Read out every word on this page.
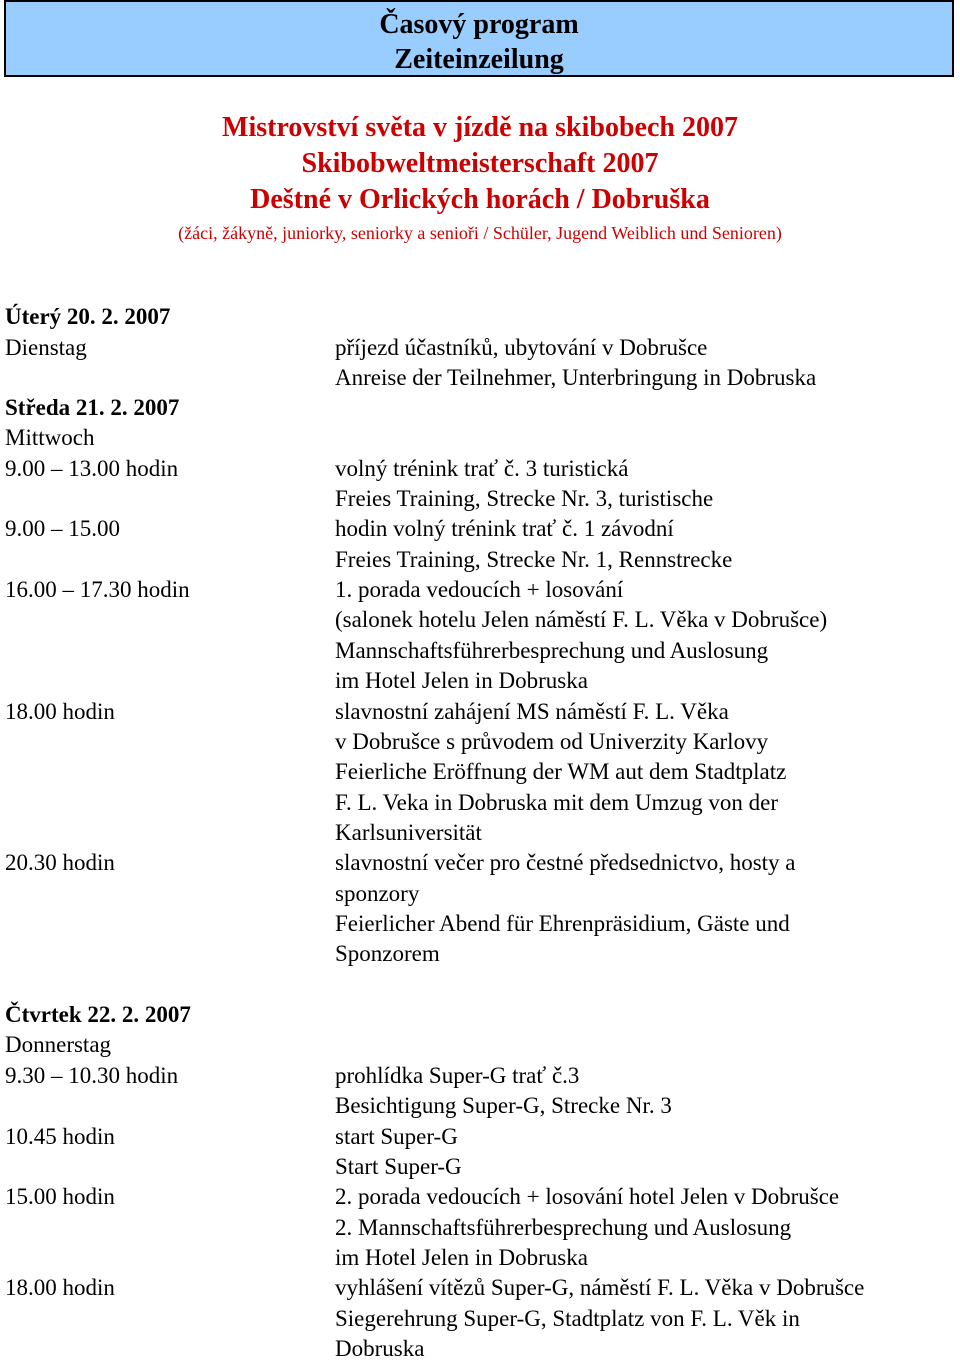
Časový program
Zeiteinzeilung
Mistrovství světa v jízdě na skibobech 2007
Skibobweltmeisterschaft 2007
Deštné v Orlických horách / Dobruška
(žáci, žákyně, juniorky, seniorky a senioři / Schüler, Jugend Weiblich und Senioren)
Úterý 20. 2. 2007
Dienstag	příjezd účastníků, ubytování v Dobrušce
Anreise der Teilnehmer, Unterbringung in Dobruska
Středa 21. 2. 2007
Mittwoch
9.00 – 13.00 hodin	volný trénink trať č. 3 turistická
Freies Training, Strecke Nr. 3, turistische
9.00 – 15.00	hodin volný trénink trať č. 1 závodní
Freies Training, Strecke Nr. 1, Rennstrecke
16.00 – 17.30 hodin	1. porada vedoucích + losování
(salonek hotelu Jelen náměstí F. L. Věka v Dobrušce)
Mannschaftsführerbesprechung und Auslosung
im Hotel Jelen in Dobruska
18.00 hodin	slavnostní zahájení MS náměstí F. L. Věka
v Dobrušce s průvodem od Univerzity Karlovy
Feierliche Eröffnung der WM aut dem Stadtplatz
F. L. Veka in Dobruska mit dem Umzug von der
Karlsuniversität
20.30 hodin	slavnostní večer pro čestné předsednictvo, hosty a
sponzory
Feierlicher Abend für Ehrenpräsidium, Gäste und
Sponzorem
Čtvrtek 22. 2. 2007
Donnerstag
9.30 – 10.30 hodin	prohlídka Super-G trať č.3
Besichtigung Super-G, Strecke Nr. 3
10.45 hodin	start Super-G
Start Super-G
15.00 hodin	2. porada vedoucích + losování hotel Jelen v Dobrušce
2. Mannschaftsführerbesprechung und Auslosung
im Hotel Jelen in Dobruska
18.00 hodin	vyhlášení vítězů Super-G, náměstí F. L. Věka v Dobrušce
Siegerehrung Super-G, Stadtplatz von F. L. Věk in
Dobruska
